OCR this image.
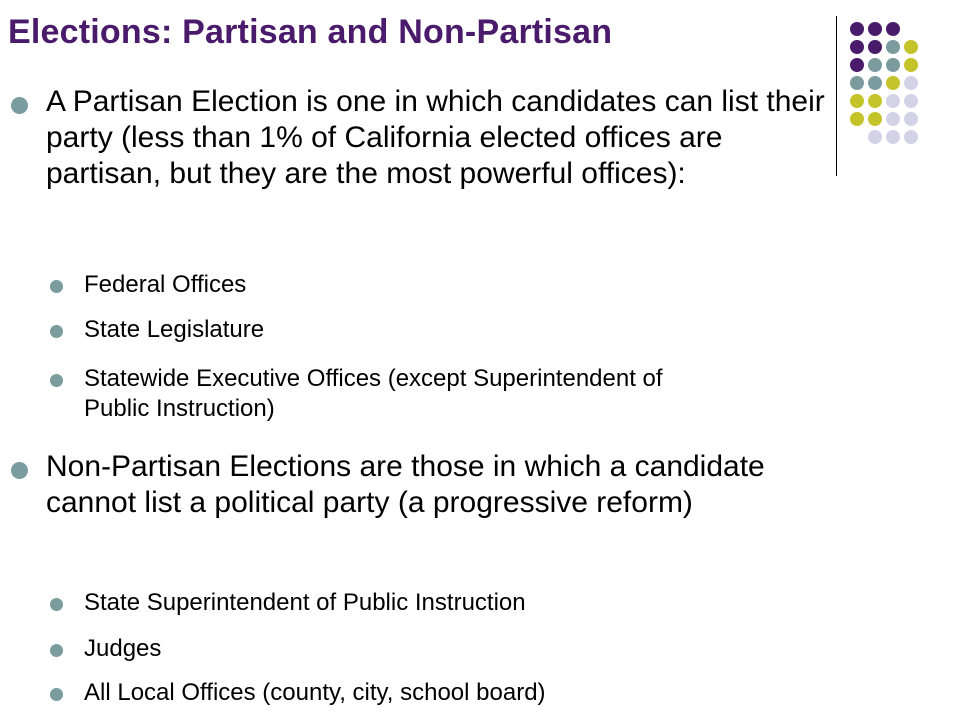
Elections: Partisan and Non-Partisan

A Partisan Election is one in which candidates can list their party (less than 1% of California elected offices are partisan, but they are the most powerful offices):

Federal Offices

State Legislature

Statewide Executive Offices (except Superintendent of Public Instruction)

Non-Partisan Elections are those in which a candidate cannot list a political party (a progressive reform)

State Superintendent of Public Instruction

Judges

All Local Offices (county, city, school board)
